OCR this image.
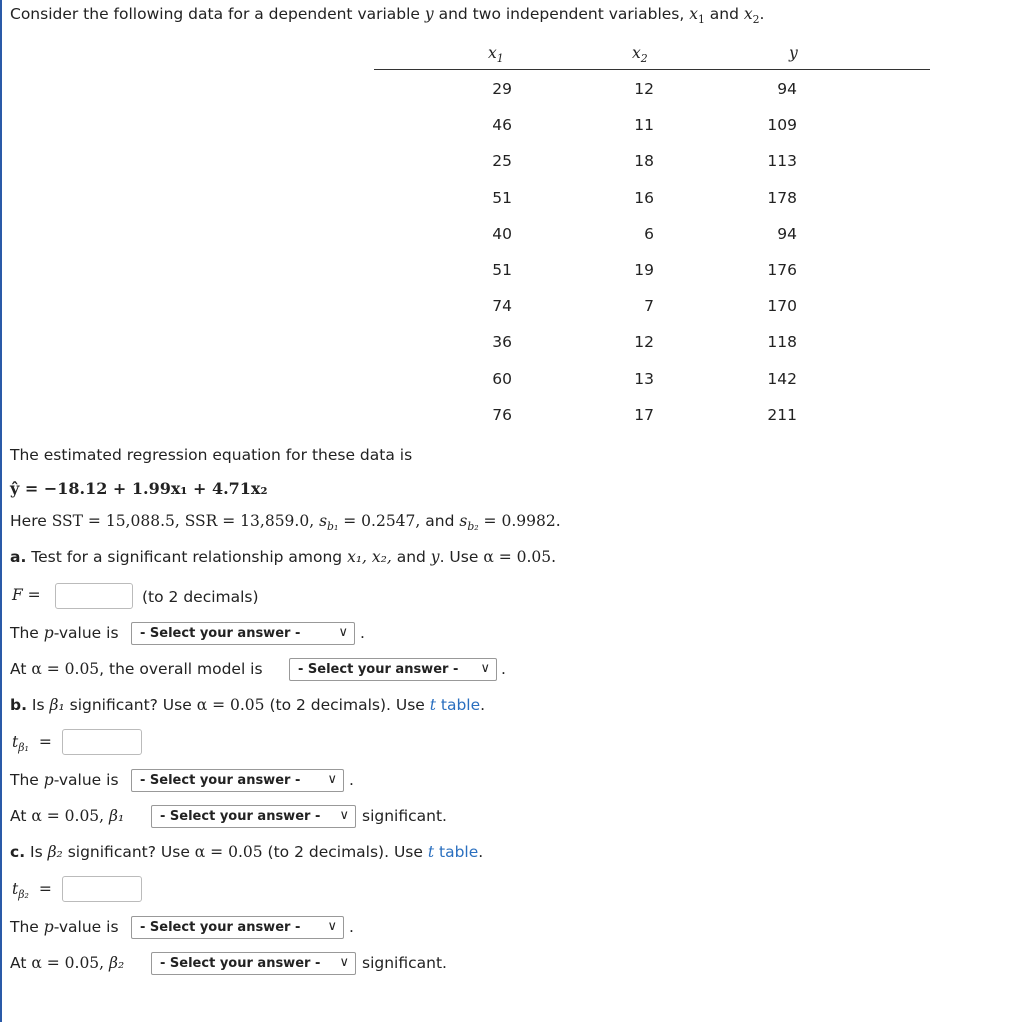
Consider the following data for a dependent variable y and two independent variables, $x_1$ and $x_2$.
$x_1$	$x_2$	y
29	12	94
46	11	109
25	18	113
51	16	178
40	6	94
51	19	176
74	7	170
36	12	118
60	13	142
76	17	211
The estimated regression equation for these data is
ŷ = −18.12 + 1.99x₁ + 4.71x₂
Here SST = 15,088.5, SSR = 13,859.0, $s_{b_1} = 0.2547$, and $s_{b_2} = 0.9982$.
a. Test for a significant relationship among x₁, x₂, and y. Use α = 0.05.
F =	(to 2 decimals)
The p-value is	- Select your answer -	∨ .
At α = 0.05, the overall model is	- Select your answer - ∨ .
b. Is β₁ significant? Use α = 0.05 (to 2 decimals). Use t table.
$t_{\beta_1}$ =
The p-value is	- Select your answer - ∨ .
At α = 0.05, β₁	- Select your answer - ∨ significant.
c. Is β₂ significant? Use α = 0.05 (to 2 decimals). Use t table.
$t_{\beta_2}$ =
The p-value is	- Select your answer - ∨ .
At α = 0.05, β₂	- Select your answer - ∨ significant.
